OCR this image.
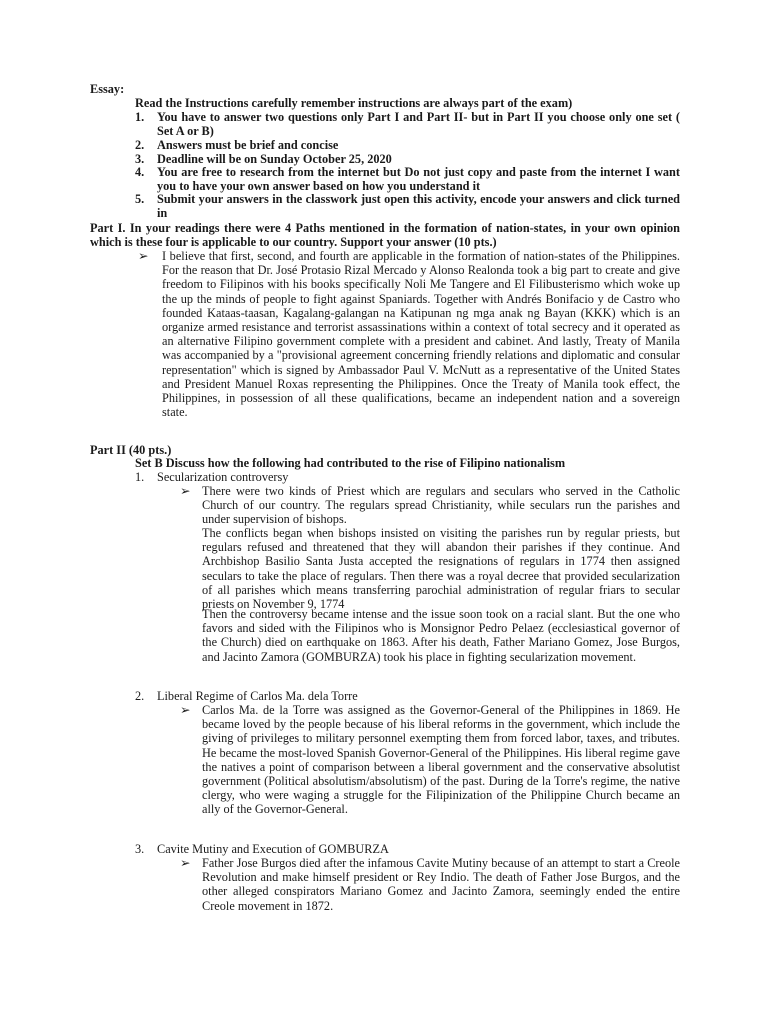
Essay:
Read the Instructions carefully remember instructions are always part of the exam)
1.	You have to answer two questions only Part I and Part II- but in Part II you choose only one set ( Set A or B)
2.	Answers must be brief and concise
3.	Deadline will be on Sunday October 25, 2020
4.	You are free to research from the internet but Do not just copy and paste from the internet I want you to have your own answer based on how you understand it
5.	Submit your answers in the classwork just open this activity, encode your answers and click turned in
Part I. In your readings there were 4 Paths mentioned in the formation of nation-states, in your own opinion which is these four is applicable to our country. Support your answer (10 pts.)
➢	I believe that first, second, and fourth are applicable in the formation of nation-states of the Philippines. For the reason that Dr. José Protasio Rizal Mercado y Alonso Realonda took a big part to create and give freedom to Filipinos with his books specifically Noli Me Tangere and El Filibusterismo which woke up the up the minds of people to fight against Spaniards. Together with Andrés Bonifacio y de Castro who founded Kataas-taasan, Kagalang-galangan na Katipunan ng mga anak ng Bayan (KKK) which is an organize armed resistance and terrorist assassinations within a context of total secrecy and it operated as an alternative Filipino government complete with a president and cabinet. And lastly, Treaty of Manila was accompanied by a "provisional agreement concerning friendly relations and diplomatic and consular representation" which is signed by Ambassador Paul V. McNutt as a representative of the United States and President Manuel Roxas representing the Philippines. Once the Treaty of Manila took effect, the Philippines, in possession of all these qualifications, became an independent nation and a sovereign state.
Part II (40 pts.)
Set B Discuss how the following had contributed to the rise of Filipino nationalism
1. Secularization controversy
➢ There were two kinds of Priest which are regulars and seculars who served in the Catholic Church of our country. The regulars spread Christianity, while seculars run the parishes and under supervision of bishops.
The conflicts began when bishops insisted on visiting the parishes run by regular priests, but regulars refused and threatened that they will abandon their parishes if they continue. And Archbishop Basilio Santa Justa accepted the resignations of regulars in 1774 then assigned seculars to take the place of regulars. Then there was a royal decree that provided secularization of all parishes which means transferring parochial administration of regular friars to secular priests on November 9, 1774
Then the controversy became intense and the issue soon took on a racial slant. But the one who favors and sided with the Filipinos who is Monsignor Pedro Pelaez (ecclesiastical governor of the Church) died on earthquake on 1863. After his death, Father Mariano Gomez, Jose Burgos, and Jacinto Zamora (GOMBURZA) took his place in fighting secularization movement.
2. Liberal Regime of Carlos Ma. dela Torre
➢ Carlos Ma. de la Torre was assigned as the Governor-General of the Philippines in 1869. He became loved by the people because of his liberal reforms in the government, which include the giving of privileges to military personnel exempting them from forced labor, taxes, and tributes. He became the most-loved Spanish Governor-General of the Philippines. His liberal regime gave the natives a point of comparison between a liberal government and the conservative absolutist government (Political absolutism/absolutism) of the past. During de la Torre's regime, the native clergy, who were waging a struggle for the Filipinization of the Philippine Church became an ally of the Governor-General.
3. Cavite Mutiny and Execution of GOMBURZA
➢ Father Jose Burgos died after the infamous Cavite Mutiny because of an attempt to start a Creole Revolution and make himself president or Rey Indio. The death of Father Jose Burgos, and the other alleged conspirators Mariano Gomez and Jacinto Zamora, seemingly ended the entire Creole movement in 1872.
